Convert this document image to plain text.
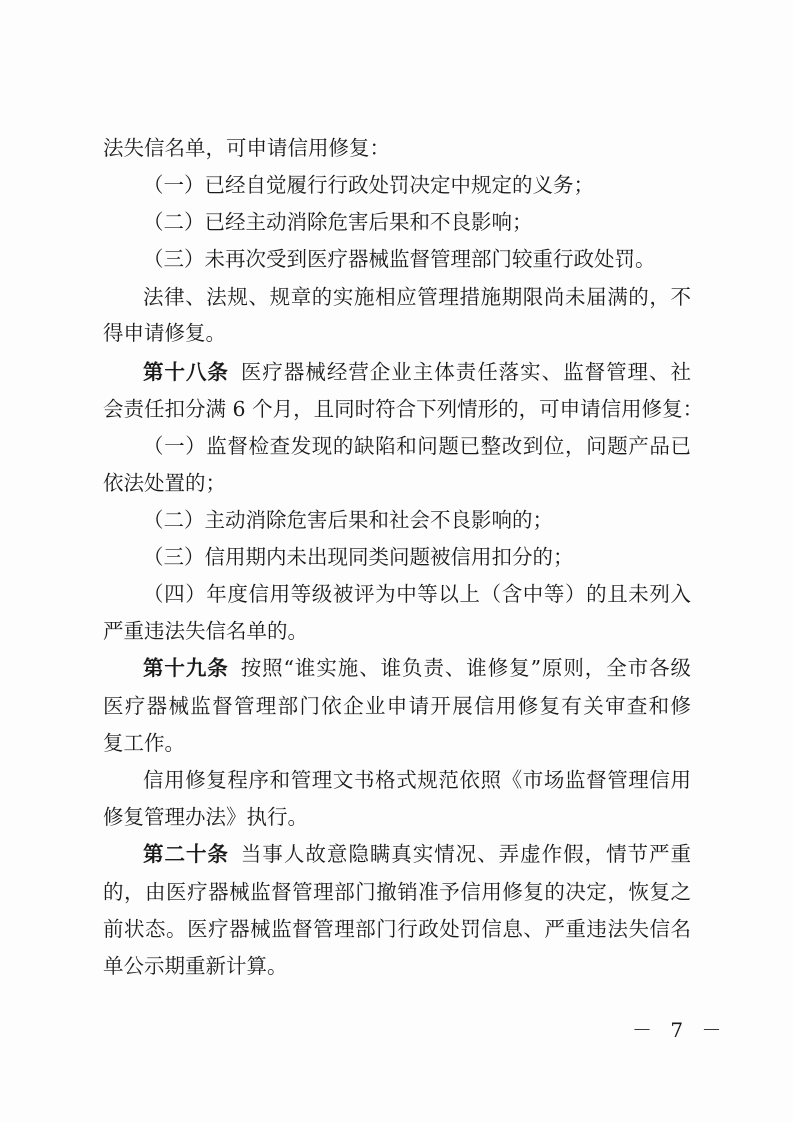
法失信名单，可申请信用修复：
（一）已经自觉履行行政处罚决定中规定的义务；
（二）已经主动消除危害后果和不良影响；
（三）未再次受到医疗器械监督管理部门较重行政处罚。
法律、法规、规章的实施相应管理措施期限尚未届满的，不
得申请修复。
第十八条 医疗器械经营企业主体责任落实、监督管理、社
会责任扣分满 6 个月，且同时符合下列情形的，可申请信用修复：
（一）监督检查发现的缺陷和问题已整改到位，问题产品已
依法处置的；
（二）主动消除危害后果和社会不良影响的；
（三）信用期内未出现同类问题被信用扣分的；
（四）年度信用等级被评为中等以上（含中等）的且未列入
严重违法失信名单的。
第十九条 按照“谁实施、谁负责、谁修复”原则，全市各级
医疗器械监督管理部门依企业申请开展信用修复有关审查和修
复工作。
信用修复程序和管理文书格式规范依照《市场监督管理信用
修复管理办法》执行。
第二十条 当事人故意隐瞒真实情况、弄虚作假，情节严重
的，由医疗器械监督管理部门撤销准予信用修复的决定，恢复之
前状态。医疗器械监督管理部门行政处罚信息、严重违法失信名
单公示期重新计算。
－ 7 －
